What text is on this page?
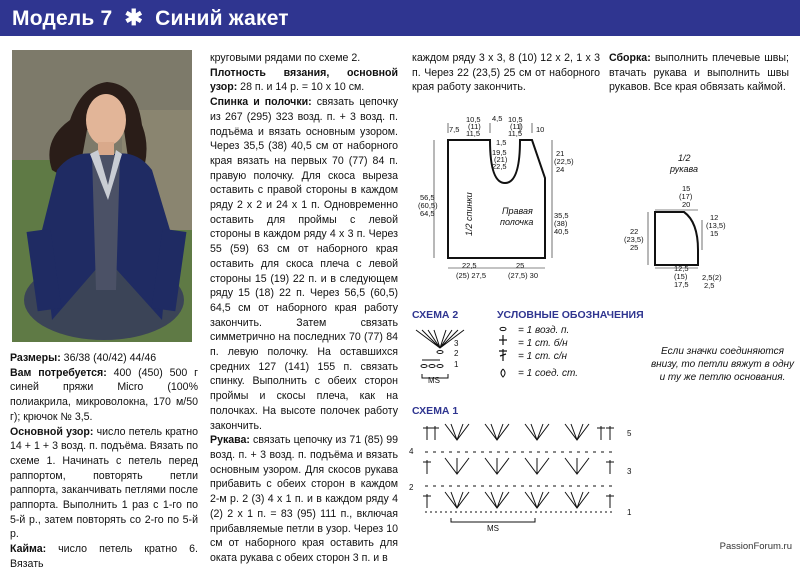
Модель 7 ✱ Синий жакет

Размеры: 36/38 (40/42) 44/46

Вам потребуется: 400 (450) 500 г синей пряжи Micro (100% полиакрила, микроволокна, 170 м/50 г); крючок № 3,5.

Основной узор: число петель кратно 14 + 1 + 3 возд. п. подъёма. Вязать по схеме 1. Начинать с петель перед раппортом, повторять петли раппорта, заканчивать петлями после раппорта. Выполнить 1 раз с 1-го по 5-й р., затем повторять со 2-го по 5-й р.

Кайма: число петель кратно 6. Вязать

круговыми рядами по схеме 2.

Плотность вязания, основной узор: 28 п. и 14 р. = 10 х 10 см.

Спинка и полочки: связать цепочку из 267 (295) 323 возд. п. + 3 возд. п. подъёма и вязать основным узором. Через 35,5 (38) 40,5 см от наборного края вязать на первых 70 (77) 84 п. правую полочку. Для скоса выреза оставить с правой стороны в каждом ряду 2 х 2 и 24 х 1 п. Одновременно оставить для проймы с левой стороны в каждом ряду 4 х 3 п. Через 55 (59) 63 см от наборного края оставить для скоса плеча с левой стороны 15 (19) 22 п. и в следующем ряду 15 (18) 22 п. Через 56,5 (60,5) 64,5 см от наборного края работу закончить. Затем связать симметрично на последних 70 (77) 84 п. левую полочку. На оставшихся средних 127 (141) 155 п. связать спинку. Выполнить с обеих сторон проймы и скосы плеча, как на полочках. На высоте полочек работу закончить.

Рукава: связать цепочку из 71 (85) 99 возд. п. + 3 возд. п. подъёма и вязать основным узором. Для скосов рукава прибавить с обеих сторон в каждом 2-м р. 2 (3) 4 х 1 п. и в каждом ряду 4 (2) 2 х 1 п. = 83 (95) 111 п., включая прибавляемые петли в узор. Через 10 см от наборного края оставить для оката рукава с обеих сторон 3 п. и в

каждом ряду 3 х 3, 8 (10) 12 х 2, 1 х 3 п. Через 22 (23,5) 25 см от наборного края работу закончить.

Сборка: выполнить плечевые швы; втачать рукава и выполнить швы рукавов. Все края обвязать каймой.

7,5
10,5
(11)
11,5
4,5 10,5
(11)
11,5 10
1,5
19,5
(21)
22,5
21
(22,5)
24
56,5
(60,5)
64,5	35,5
(38)
40,5
22,5
(25) 27,5
25
(27,5) 30
1/2 спинки	Правая
полочка
1/2
рукава
15
(17)
20
12
(13,5)
15
22
(23,5)
25
12,5
(15)
17,5
2,5(2)
2,5
СХЕМА 2
3
2
1
MS
УСЛОВНЫЕ ОБОЗНАЧЕНИЯ
= 1 возд. п.
= 1 ст. б/н
= 1 ст. с/н
= 1 соед. ст.
Если значки соединяются внизу, то петли вяжут в одну и ту же петлю основания.
СХЕМА 1
5
3
1
4
2
MS
PassionForum.ru
